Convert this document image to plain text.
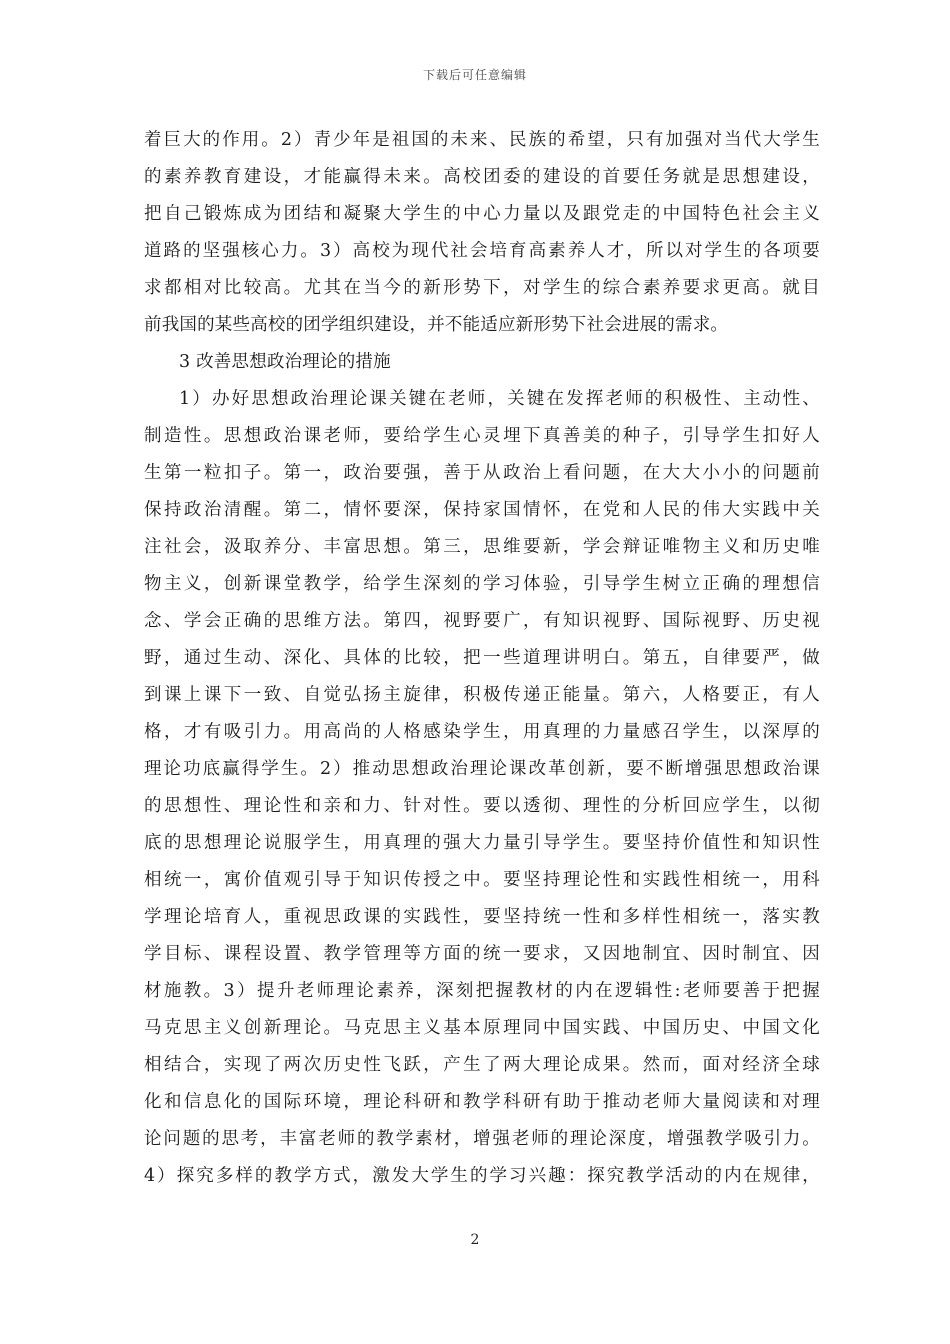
下载后可任意编辑
着巨大的作用。2）青少年是祖国的未来、民族的希望，只有加强对当代大学生
的素养教育建设，才能赢得未来。高校团委的建设的首要任务就是思想建设，
把自己锻炼成为团结和凝聚大学生的中心力量以及跟党走的中国特色社会主义
道路的坚强核心力。3）高校为现代社会培育高素养人才，所以对学生的各项要
求都相对比较高。尤其在当今的新形势下，对学生的综合素养要求更高。就目
前我国的某些高校的团学组织建设，并不能适应新形势下社会进展的需求。
3 改善思想政治理论的措施
1）办好思想政治理论课关键在老师，关键在发挥老师的积极性、主动性、
制造性。思想政治课老师，要给学生心灵埋下真善美的种子，引导学生扣好人
生第一粒扣子。第一，政治要强，善于从政治上看问题，在大大小小的问题前
保持政治清醒。第二，情怀要深，保持家国情怀，在党和人民的伟大实践中关
注社会，汲取养分、丰富思想。第三，思维要新，学会辩证唯物主义和历史唯
物主义，创新课堂教学，给学生深刻的学习体验，引导学生树立正确的理想信
念、学会正确的思维方法。第四，视野要广，有知识视野、国际视野、历史视
野，通过生动、深化、具体的比较，把一些道理讲明白。第五，自律要严，做
到课上课下一致、自觉弘扬主旋律，积极传递正能量。第六，人格要正，有人
格，才有吸引力。用高尚的人格感染学生，用真理的力量感召学生，以深厚的
理论功底赢得学生。2）推动思想政治理论课改革创新，要不断增强思想政治课
的思想性、理论性和亲和力、针对性。要以透彻、理性的分析回应学生，以彻
底的思想理论说服学生，用真理的强大力量引导学生。要坚持价值性和知识性
相统一，寓价值观引导于知识传授之中。要坚持理论性和实践性相统一，用科
学理论培育人，重视思政课的实践性，要坚持统一性和多样性相统一，落实教
学目标、课程设置、教学管理等方面的统一要求，又因地制宜、因时制宜、因
材施教。3）提升老师理论素养，深刻把握教材的内在逻辑性:老师要善于把握
马克思主义创新理论。马克思主义基本原理同中国实践、中国历史、中国文化
相结合，实现了两次历史性飞跃，产生了两大理论成果。然而，面对经济全球
化和信息化的国际环境，理论科研和教学科研有助于推动老师大量阅读和对理
论问题的思考，丰富老师的教学素材，增强老师的理论深度，增强教学吸引力。
4）探究多样的教学方式，激发大学生的学习兴趣：探究教学活动的内在规律，
2
